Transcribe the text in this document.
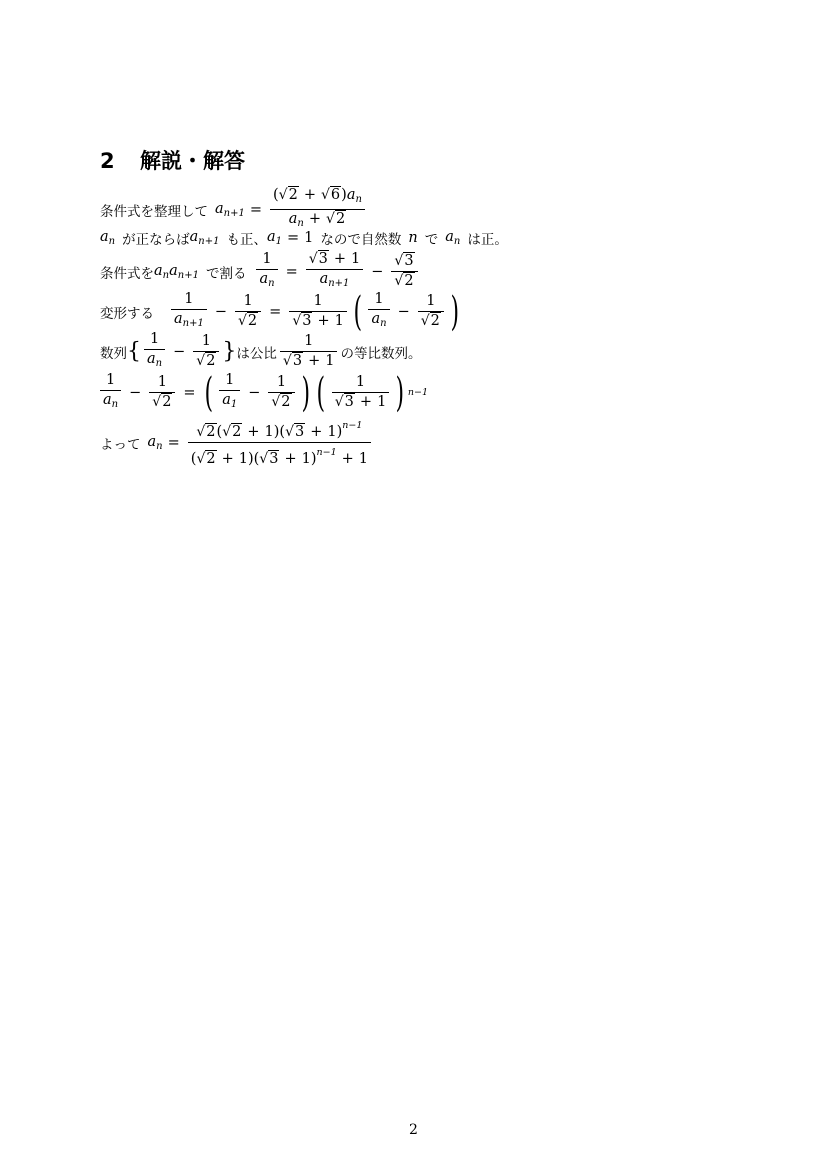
2 解説・解答
条件式を整理して $a_{n+1} = \frac{(√2 + √6)a_n}{a_n + √2}$
$a_n$ が正ならば $a_{n+1}$ も正、 $a_1 = 1$ なので自然数 n で $a_n$ は正。
条件式を $a_na_{n+1}$ で割る $\frac{1}{a_n} = \frac{√3 + 1}{a_{n+1}} - \frac{√3}{√2}$
変形する $\frac{1}{a_{n+1}} - \frac{1}{√2} = \frac{1}{√3 + 1}$ ( $\frac{1}{a_n} - \frac{1}{√2}$ )
数列 { $\frac{1}{a_n} - \frac{1}{√2}$ } は公比 $\frac{1}{√3 + 1}$ の等比数列。
$\frac{1}{a_n} - \frac{1}{√2}$ = ( $\frac{1}{a_1} - \frac{1}{√2}$ ) ( $\frac{1}{√3 + 1}$ ) n−1
よって $a_n = \frac{√2(√2 + 1)(√3 + 1)^{n-1}}{(√2 + 1)(√3 + 1)^{n-1} + 1}$
2
